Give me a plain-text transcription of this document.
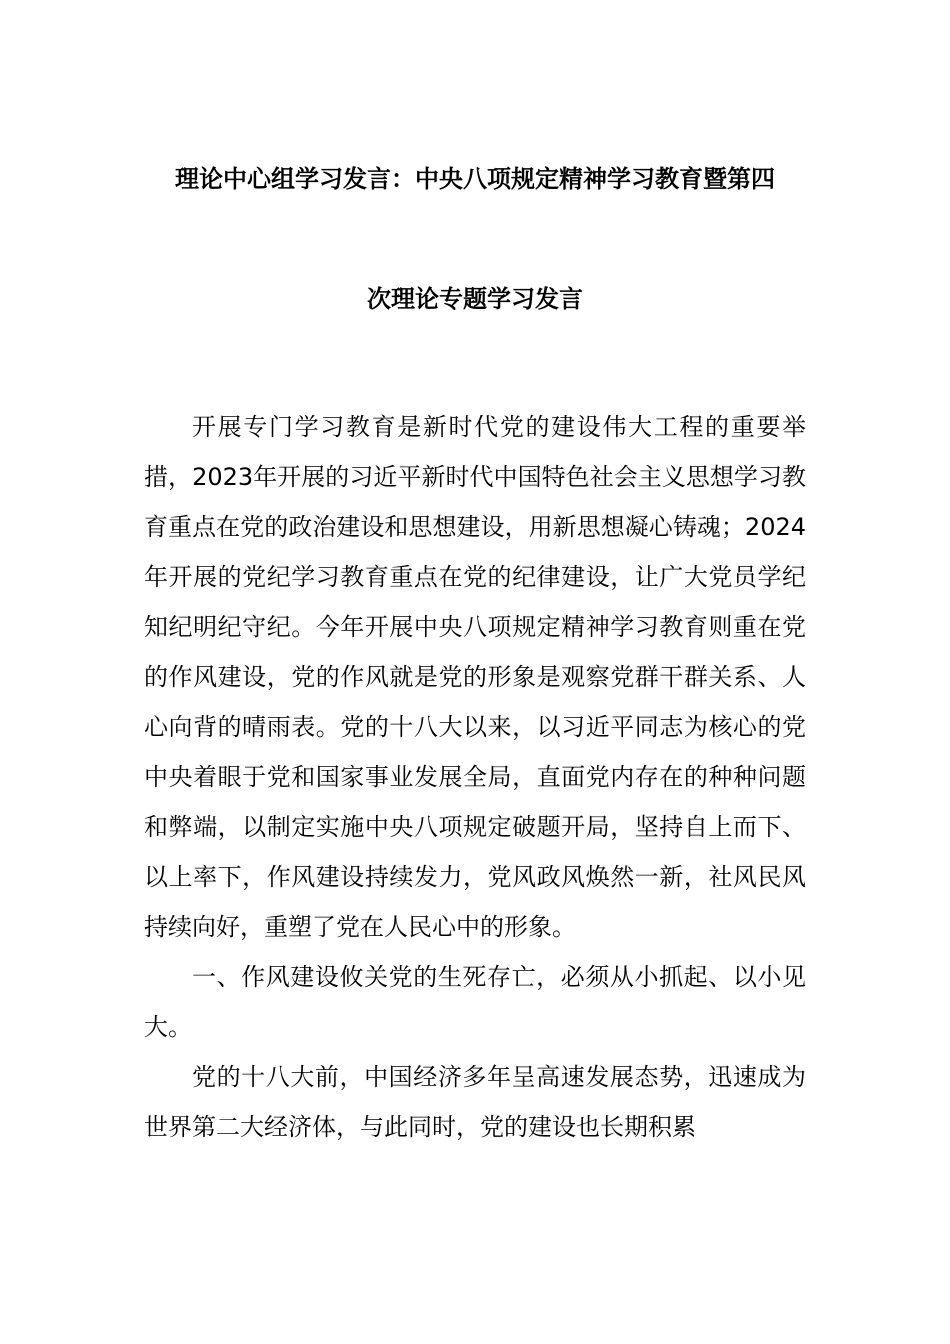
理论中心组学习发言：中央八项规定精神学习教育暨第四
次理论专题学习发言

开展专门学习教育是新时代党的建设伟大工程的重要举措，2023年开展的习近平新时代中国特色社会主义思想学习教育重点在党的政治建设和思想建设，用新思想凝心铸魂；2024年开展的党纪学习教育重点在党的纪律建设，让广大党员学纪知纪明纪守纪。今年开展中央八项规定精神学习教育则重在党的作风建设，党的作风就是党的形象是观察党群干群关系、人心向背的晴雨表。党的十八大以来，以习近平同志为核心的党中央着眼于党和国家事业发展全局，直面党内存在的种种问题和弊端，以制定实施中央八项规定破题开局，坚持自上而下、以上率下，作风建设持续发力，党风政风焕然一新，社风民风持续向好，重塑了党在人民心中的形象。

一、作风建设攸关党的生死存亡，必须从小抓起、以小见大。

党的十八大前，中国经济多年呈高速发展态势，迅速成为世界第二大经济体，与此同时，党的建设也长期积累
